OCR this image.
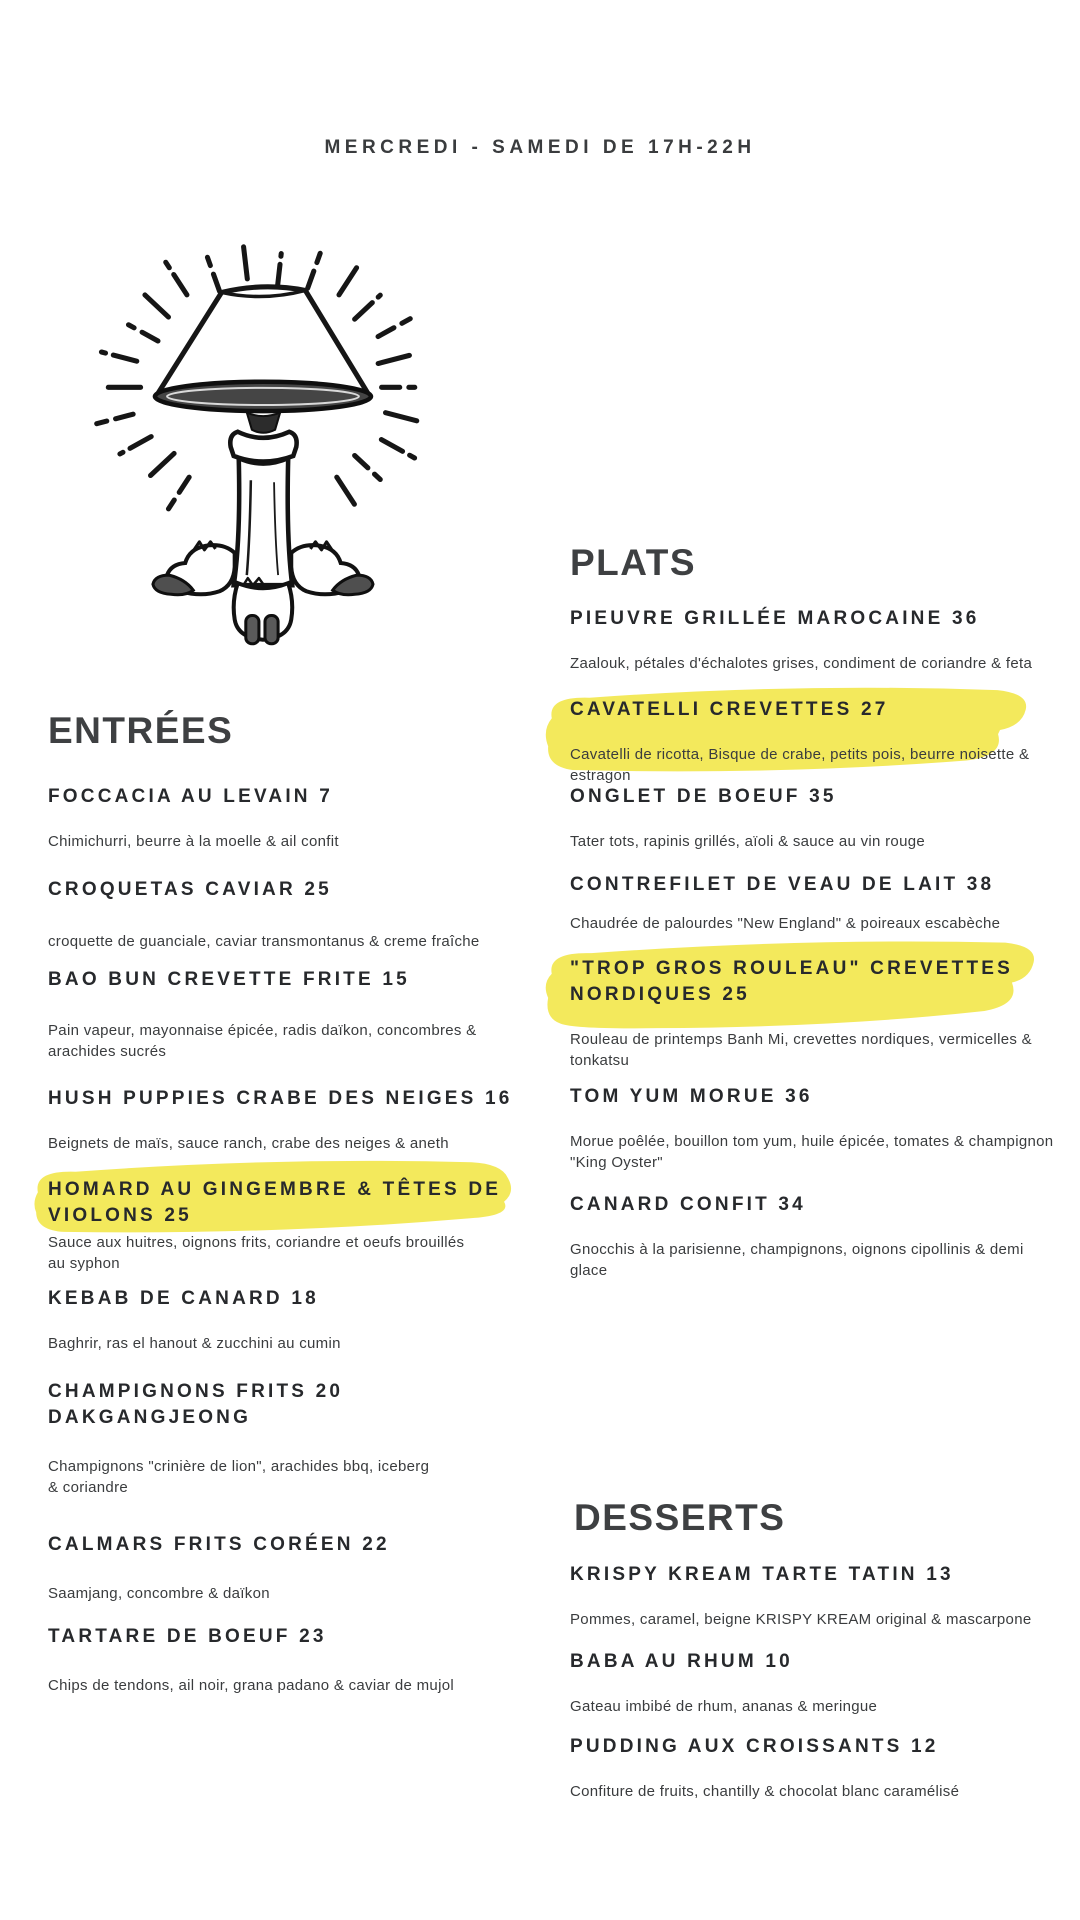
MERCREDI - SAMEDI DE 17H-22H
ENTRÉES
PLATS
DESSERTS
FOCCACIA AU LEVAIN 7
Chimichurri, beurre à la moelle & ail confit
CROQUETAS CAVIAR 25
croquette de guanciale, caviar transmontanus & creme fraîche
BAO BUN CREVETTE FRITE 15
Pain vapeur, mayonnaise épicée, radis daïkon, concombres &
arachides sucrés
HUSH PUPPIES CRABE DES NEIGES 16
Beignets de maïs, sauce ranch, crabe des neiges & aneth
HOMARD AU GINGEMBRE & TÊTES DE
VIOLONS 25
Sauce aux huitres, oignons frits, coriandre et oeufs brouillés
au syphon
KEBAB DE CANARD 18
Baghrir, ras el hanout & zucchini au cumin
CHAMPIGNONS FRITS 20
DAKGANGJEONG
Champignons "crinière de lion", arachides bbq, iceberg
& coriandre
CALMARS FRITS CORÉEN 22
Saamjang, concombre & daïkon
TARTARE DE BOEUF 23
Chips de tendons, ail noir, grana padano & caviar de mujol
PIEUVRE GRILLÉE MAROCAINE 36
Zaalouk, pétales d'échalotes grises, condiment de coriandre & feta
CAVATELLI CREVETTES 27
Cavatelli de ricotta, Bisque de crabe, petits pois, beurre noisette &
estragon
ONGLET DE BOEUF 35
Tater tots, rapinis grillés, aïoli & sauce au vin rouge
CONTREFILET DE VEAU DE LAIT 38
Chaudrée de palourdes "New England" & poireaux escabèche
"TROP GROS ROULEAU" CREVETTES
NORDIQUES 25
Rouleau de printemps Banh Mi, crevettes nordiques, vermicelles &
tonkatsu
TOM YUM MORUE 36
Morue poêlée, bouillon tom yum, huile épicée, tomates & champignon
"King Oyster"
CANARD CONFIT 34
Gnocchis à la parisienne, champignons, oignons cipollinis & demi
glace
KRISPY KREAM TARTE TATIN 13
Pommes, caramel, beigne KRISPY KREAM original & mascarpone
BABA AU RHUM 10
Gateau imbibé de rhum, ananas & meringue
PUDDING AUX CROISSANTS 12
Confiture de fruits, chantilly & chocolat blanc caramélisé
